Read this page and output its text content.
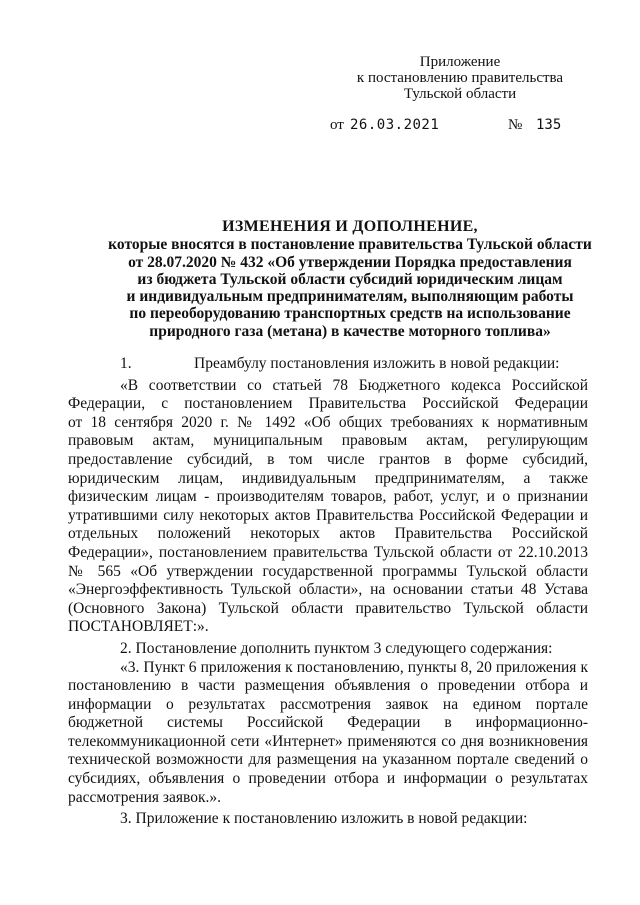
Приложение
к постановлению правительства
Тульской области
от 26.03.2021	№ 135
ИЗМЕНЕНИЯ И ДОПОЛНЕНИЕ,
которые вносятся в постановление правительства Тульской области
от 28.07.2020 № 432 «Об утверждении Порядка предоставления
из бюджета Тульской области субсидий юридическим лицам
и индивидуальным предпринимателям, выполняющим работы
по переоборудованию транспортных средств на использование
природного газа (метана) в качестве моторного топлива»
1.	Преамбулу постановления изложить в новой редакции:
«В соответствии со статьей 78 Бюджетного кодекса Российской
Федерации, с постановлением Правительства Российской Федерации
от 18 сентября 2020 г. № 1492 «Об общих требованиях к нормативным
правовым актам, муниципальным правовым актам, регулирующим
предоставление субсидий, в том числе грантов в форме субсидий,
юридическим лицам, индивидуальным предпринимателям, а также
физическим лицам - производителям товаров, работ, услуг, и о признании
утратившими силу некоторых актов Правительства Российской Федерации и
отдельных положений некоторых актов Правительства Российской
Федерации», постановлением правительства Тульской области от 22.10.2013
№ 565 «Об утверждении государственной программы Тульской области
«Энергоэффективность Тульской области», на основании статьи 48 Устава
(Основного Закона) Тульской области правительство Тульской области
ПОСТАНОВЛЯЕТ:».
2. Постановление дополнить пунктом 3 следующего содержания:
«3. Пункт 6 приложения к постановлению, пункты 8, 20 приложения к
постановлению в части размещения объявления о проведении отбора и
информации о результатах рассмотрения заявок на едином портале
бюджетной системы Российской Федерации в информационно-
телекоммуникационной сети «Интернет» применяются со дня возникновения
технической возможности для размещения на указанном портале сведений о
субсидиях, объявления о проведении отбора и информации о результатах
рассмотрения заявок.».
3. Приложение к постановлению изложить в новой редакции:
